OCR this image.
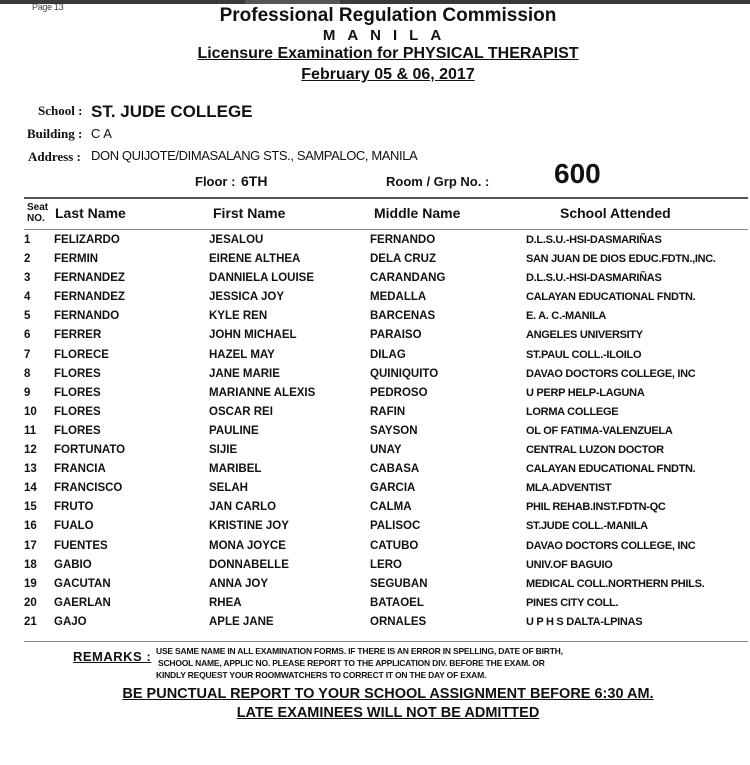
Page 13	Professional Regulation Commission
MANILA
Licensure Examination for PHYSICAL THERAPIST
February 05 & 06, 2017
School : ST. JUDE COLLEGE
Building : C A
Address : DON QUIJOTE/DIMASALANG STS., SAMPALOC, MANILA
Floor : 6TH	Room / Grp No. : 600
Seat
NO. Last Name	First Name	Middle Name	School Attended
1 FELIZARDO	JESALOU	FERNANDO	D.L.S.U.-HSI-DASMARIÑAS
2 FERMIN	EIRENE ALTHEA	DELA CRUZ	SAN JUAN DE DIOS EDUC.FDTN.,INC.
3 FERNANDEZ	DANNIELA LOUISE	CARANDANG	D.L.S.U.-HSI-DASMARIÑAS
4 FERNANDEZ	JESSICA JOY	MEDALLA	CALAYAN EDUCATIONAL FNDTN.
5 FERNANDO	KYLE REN	BARCENAS	E. A. C.-MANILA
6 FERRER	JOHN MICHAEL	PARAISO	ANGELES UNIVERSITY
7 FLORECE	HAZEL MAY	DILAG	ST.PAUL COLL.-ILOILO
8 FLORES	JANE MARIE	QUINIQUITO	DAVAO DOCTORS COLLEGE, INC
9 FLORES	MARIANNE ALEXIS	PEDROSO	U PERP HELP-LAGUNA
10 FLORES	OSCAR REI	RAFIN	LORMA COLLEGE
11 FLORES	PAULINE	SAYSON	OL OF FATIMA-VALENZUELA
12 FORTUNATO	SIJIE	UNAY	CENTRAL LUZON DOCTOR
13 FRANCIA	MARIBEL	CABASA	CALAYAN EDUCATIONAL FNDTN.
14 FRANCISCO	SELAH	GARCIA	MLA.ADVENTIST
15 FRUTO	JAN CARLO	CALMA	PHIL REHAB.INST.FDTN-QC
16 FUALO	KRISTINE JOY	PALISOC	ST.JUDE COLL.-MANILA
17 FUENTES	MONA JOYCE	CATUBO	DAVAO DOCTORS COLLEGE, INC
18 GABIO	DONNABELLE	LERO	UNIV.OF BAGUIO
19 GACUTAN	ANNA JOY	SEGUBAN	MEDICAL COLL.NORTHERN PHILS.
20 GAERLAN	RHEA	BATAOEL	PINES CITY COLL.
21 GAJO	APLE JANE	ORNALES	U P H S DALTA-LPINAS
REMARKS : USE SAME NAME IN ALL EXAMINATION FORMS. IF THERE IS AN ERROR IN SPELLING, DATE OF BIRTH,
SCHOOL NAME, APPLIC NO. PLEASE REPORT TO THE APPLICATION DIV. BEFORE THE EXAM. OR
KINDLY REQUEST YOUR ROOMWATCHERS TO CORRECT IT ON THE DAY OF EXAM.
BE PUNCTUAL REPORT TO YOUR SCHOOL ASSIGNMENT BEFORE 6:30 AM.
LATE EXAMINEES WILL NOT BE ADMITTED
